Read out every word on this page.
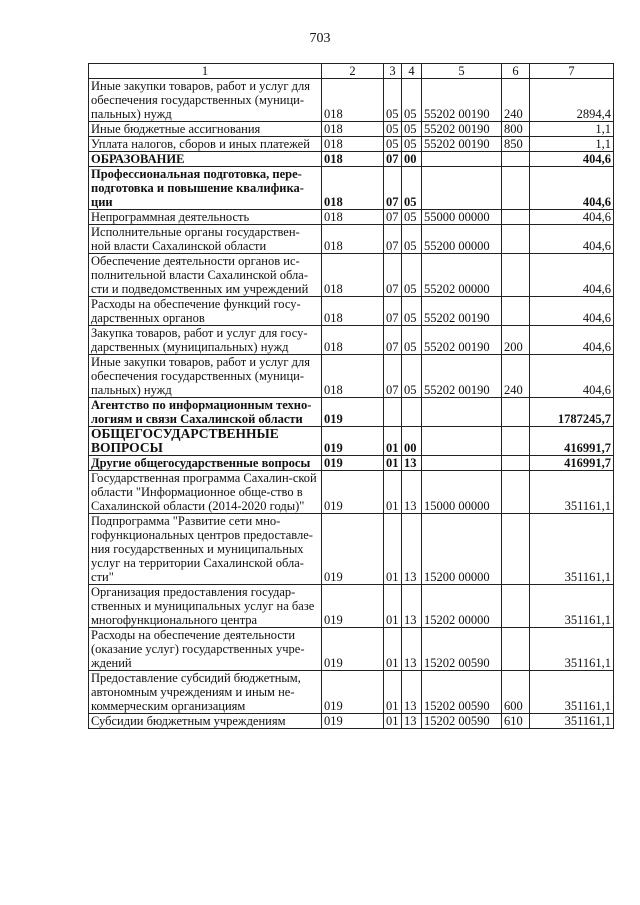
703
1	2	3	4	5	6	7
Иные закупки товаров, работ и услуг для обеспечения государственных (муници-пальных) нужд	018	05	05	55202 00190	240	2894,4
Иные бюджетные ассигнования	018	05	05	55202 00190	800	1,1
Уплата налогов, сборов и иных платежей	018	05	05	55202 00190	850	1,1
ОБРАЗОВАНИЕ	018	07	00			404,6
Профессиональная подготовка, пере-подготовка и повышение квалифика-ции	018	07	05			404,6
Непрограммная деятельность	018	07	05	55000 00000		404,6
Исполнительные органы государствен-ной власти Сахалинской области	018	07	05	55200 00000		404,6
Обеспечение деятельности органов ис-полнительной власти Сахалинской обла-сти и подведомственных им учреждений	018	07	05	55202 00000		404,6
Расходы на обеспечение функций госу-дарственных органов	018	07	05	55202 00190		404,6
Закупка товаров, работ и услуг для госу-дарственных (муниципальных) нужд	018	07	05	55202 00190	200	404,6
Иные закупки товаров, работ и услуг для обеспечения государственных (муници-пальных) нужд	018	07	05	55202 00190	240	404,6
Агентство по информационным техно-логиям и связи Сахалинской области	019					1787245,7
ОБЩЕГОСУДАРСТВЕННЫЕ ВОПРОСЫ	019	01	00			416991,7
Другие общегосударственные вопросы	019	01	13			416991,7
Государственная программа Сахалин-ской области "Информационное обще-ство в Сахалинской области (2014-2020 годы)"	019	01	13	15000 00000		351161,1
Подпрограмма "Развитие сети мно-гофункциональных центров предоставле-ния государственных и муниципальных услуг на территории Сахалинской обла-сти"	019	01	13	15200 00000		351161,1
Организация предоставления государ-ственных и муниципальных услуг на базе многофункционального центра	019	01	13	15202 00000		351161,1
Расходы на обеспечение деятельности (оказание услуг) государственных учре-ждений	019	01	13	15202 00590		351161,1
Предоставление субсидий бюджетным, автономным учреждениям и иным не-коммерческим организациям	019	01	13	15202 00590	600	351161,1
Субсидии бюджетным учреждениям	019	01	13	15202 00590	610	351161,1
